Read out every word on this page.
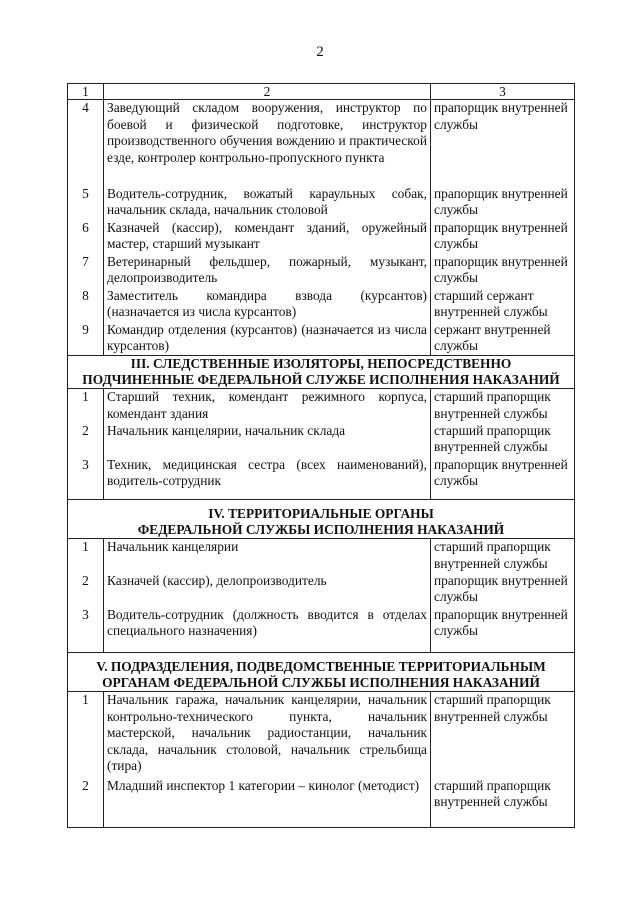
2
1	2	3
4	Заведующий складом вооружения, инструктор по боевой и физической подготовке, инструктор производственного обучения вождению и практической езде, контролер контрольно-пропускного пункта	прапорщик внутренней службы
5	Водитель-сотрудник, вожатый караульных собак, начальник склада, начальник столовой	прапорщик внутренней службы
6	Казначей (кассир), комендант зданий, оружейный мастер, старший музыкант	прапорщик внутренней службы
7	Ветеринарный фельдшер, пожарный, музыкант, делопроизводитель	прапорщик внутренней службы
8	Заместитель командира взвода (курсантов) (назначается из числа курсантов)	старший сержант внутренней службы
9	Командир отделения (курсантов) (назначается из числа курсантов)	сержант внутренней службы

III. СЛЕДСТВЕННЫЕ ИЗОЛЯТОРЫ, НЕПОСРЕДСТВЕННО
ПОДЧИНЕННЫЕ ФЕДЕРАЛЬНОЙ СЛУЖБЕ ИСПОЛНЕНИЯ НАКАЗАНИЙ		

1	Старший техник, комендант режимного корпуса, комендант здания	старший прапорщик внутренней службы
2	Начальник канцелярии, начальник склада	старший прапорщик внутренней службы
3	Техник, медицинская сестра (всех наименований), водитель-сотрудник	прапорщик внутренней службы

IV. ТЕРРИТОРИАЛЬНЫЕ ОРГАНЫ
ФЕДЕРАЛЬНОЙ СЛУЖБЫ ИСПОЛНЕНИЯ НАКАЗАНИЙ		

1	Начальник канцелярии	старший прапорщик внутренней службы
2	Казначей (кассир), делопроизводитель	прапорщик внутренней службы
3	Водитель-сотрудник (должность вводится в отделах специального назначения)	прапорщик внутренней службы

V. ПОДРАЗДЕЛЕНИЯ, ПОДВЕДОМСТВЕННЫЕ ТЕРРИТОРИАЛЬНЫМ
ОРГАНАМ ФЕДЕРАЛЬНОЙ СЛУЖБЫ ИСПОЛНЕНИЯ НАКАЗАНИЙ		

1	Начальник гаража, начальник канцелярии, начальник контрольно-технического пункта, начальник мастерской, начальник радиостанции, начальник склада, начальник столовой, начальник стрельбища (тира)	старший прапорщик внутренней службы
2	Младший инспектор 1 категории – кинолог (методист)	старший прапорщик внутренней службы
